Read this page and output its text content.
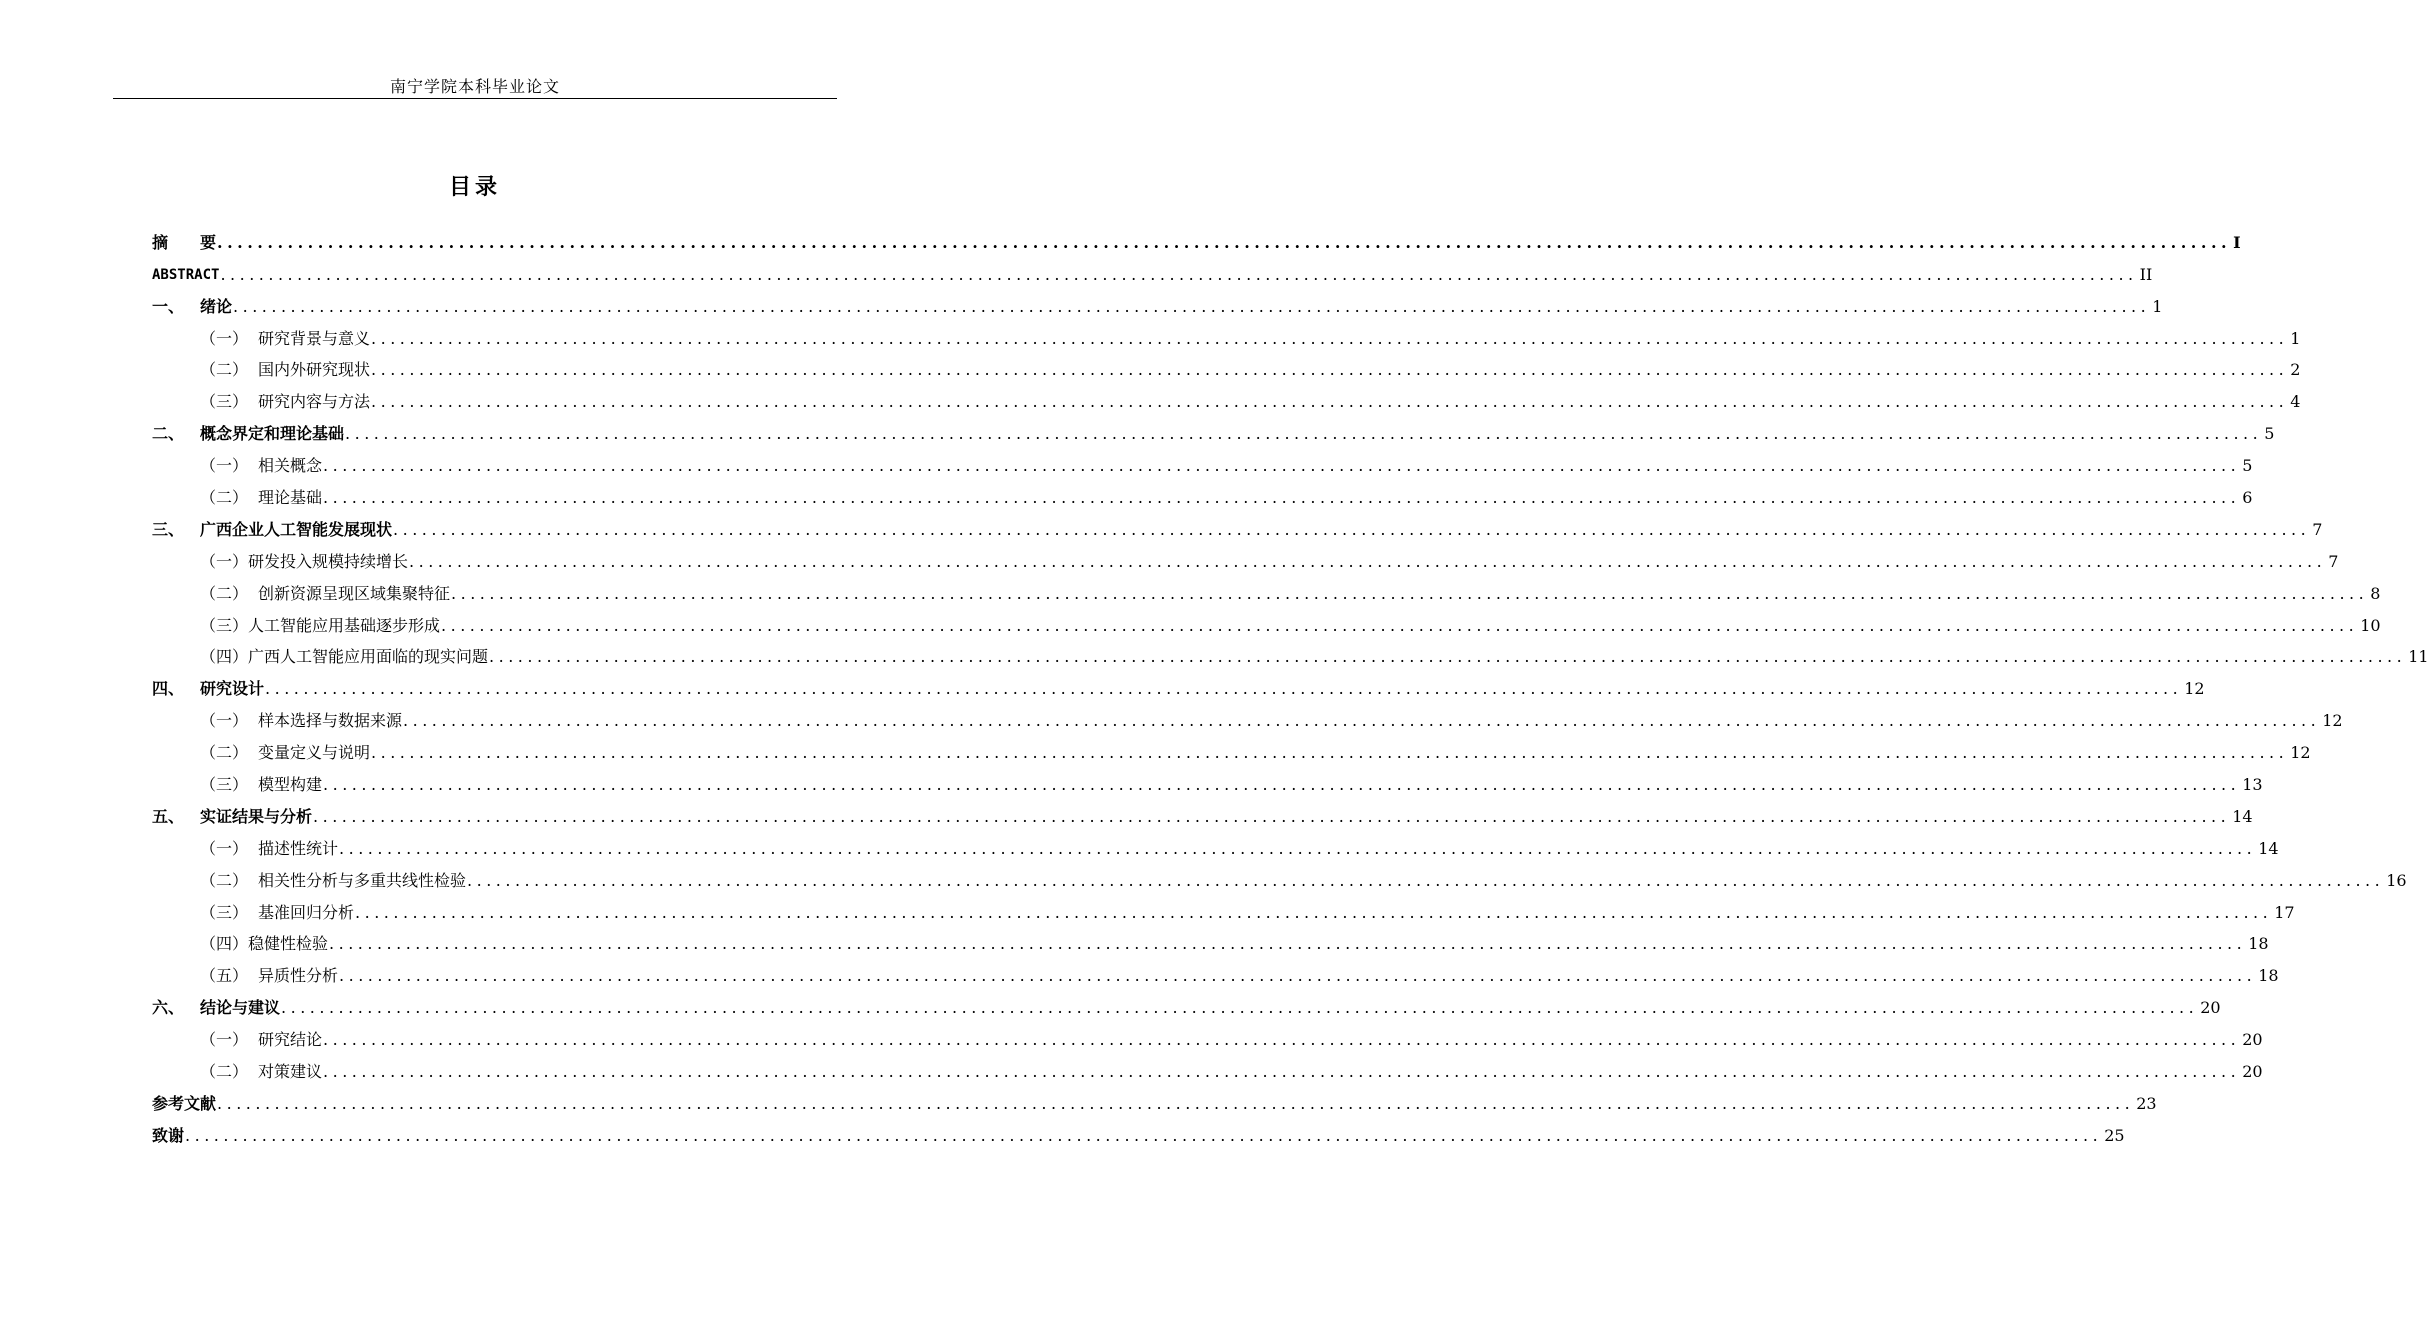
南宁学院本科毕业论文
目录
摘 要 ........................................................................................................................................................................................................ I
ABSTRACT ........................................................................................................................................................................................................ II
一、 绪论 ........................................................................................................................................................................................................ 1
（一） 研究背景与意义 ........................................................................................................................................................................................................ 1
（二） 国内外研究现状 ........................................................................................................................................................................................................ 2
（三） 研究内容与方法 ........................................................................................................................................................................................................ 4
二、 概念界定和理论基础 ........................................................................................................................................................................................................ 5
（一） 相关概念 ........................................................................................................................................................................................................ 5
（二） 理论基础 ........................................................................................................................................................................................................ 6
三、 广西企业人工智能发展现状 ........................................................................................................................................................................................................ 7
（一）研发投入规模持续增长 ........................................................................................................................................................................................................ 7
（二） 创新资源呈现区域集聚特征 ........................................................................................................................................................................................................ 8
（三）人工智能应用基础逐步形成 ........................................................................................................................................................................................................ 10
（四）广西人工智能应用面临的现实问题 ........................................................................................................................................................................................................ 11
四、 研究设计 ........................................................................................................................................................................................................ 12
（一） 样本选择与数据来源 ........................................................................................................................................................................................................ 12
（二） 变量定义与说明 ........................................................................................................................................................................................................ 12
（三） 模型构建 ........................................................................................................................................................................................................ 13
五、 实证结果与分析 ........................................................................................................................................................................................................ 14
（一） 描述性统计 ........................................................................................................................................................................................................ 14
（二） 相关性分析与多重共线性检验 ........................................................................................................................................................................................................ 16
（三） 基准回归分析 ........................................................................................................................................................................................................ 17
（四）稳健性检验 ........................................................................................................................................................................................................ 18
（五） 异质性分析 ........................................................................................................................................................................................................ 18
六、 结论与建议 ........................................................................................................................................................................................................ 20
（一） 研究结论 ........................................................................................................................................................................................................ 20
（二） 对策建议 ........................................................................................................................................................................................................ 20
参考文献 ........................................................................................................................................................................................................ 23
致谢 ........................................................................................................................................................................................................ 25
